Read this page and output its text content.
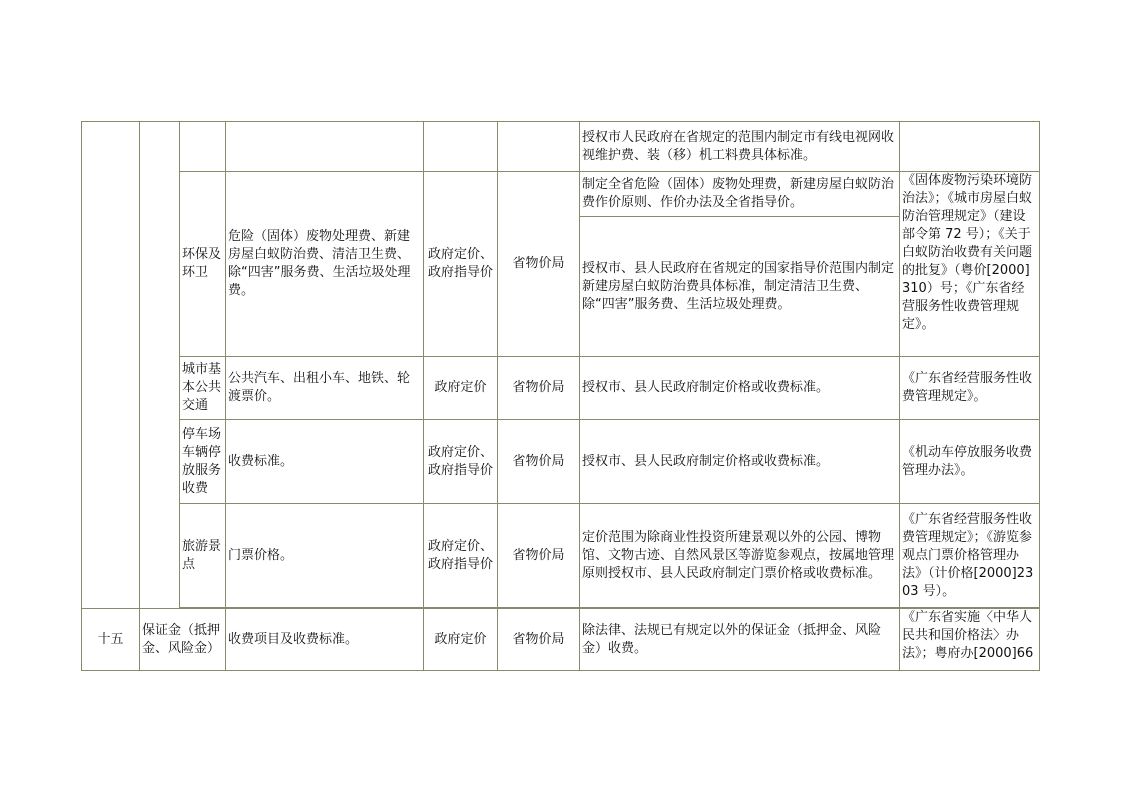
						授权市人民政府在省规定的范围内制定市有线电视网收视维护费、装（移）机工料费具体标准。	
		环保及环卫	危险（固体）废物处理费、新建房屋白蚁防治费、清洁卫生费、除“四害”服务费、生活垃圾处理费。	政府定价、政府指导价	省物价局	制定全省危险（固体）废物处理费，新建房屋白蚁防治费作价原则、作价办法及全省指导价。	《固体废物污染环境防治法》；《城市房屋白蚁防治管理规定》（建设部令第 72 号）；《关于白蚁防治收费有关问题的批复》（粤价[2000]310）号；《广东省经营服务性收费管理规定》。
						授权市、县人民政府在省规定的国家指导价范围内制定新建房屋白蚁防治费具体标准，制定清洁卫生费、除“四害”服务费、生活垃圾处理费。	
		城市基本公共交通	公共汽车、出租小车、地铁、轮渡票价。	政府定价	省物价局	授权市、县人民政府制定价格或收费标准。	《广东省经营服务性收费管理规定》。
		停车场车辆停放服务收费	收费标准。	政府定价、政府指导价	省物价局	授权市、县人民政府制定价格或收费标准。	《机动车停放服务收费管理办法》。
		旅游景点	门票价格。	政府定价、政府指导价	省物价局	定价范围为除商业性投资所建景观以外的公园、博物馆、文物古迹、自然风景区等游览参观点，按属地管理原则授权市、县人民政府制定门票价格或收费标准。	《广东省经营服务性收费管理规定》；《游览参观点门票价格管理办法》（计价格[2000]2303 号）。

十五	保证金（抵押金、风险金）		收费项目及收费标准。	政府定价	省物价局	除法律、法规已有规定以外的保证金（抵押金、风险金）收费。	《广东省实施〈中华人民共和国价格法〉办法》；粤府办[2000]66
